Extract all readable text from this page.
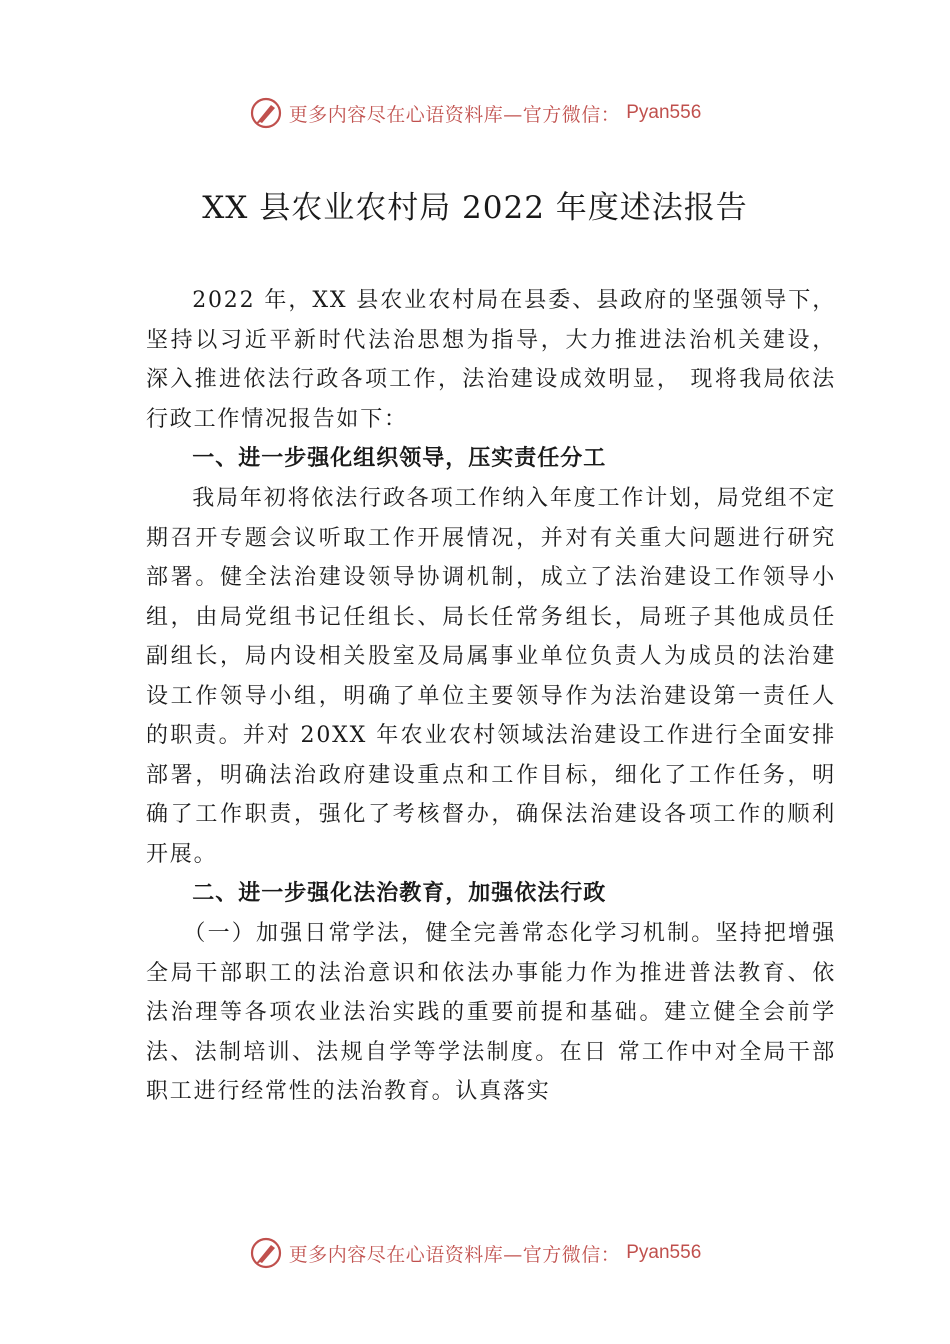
更多内容尽在心语资料库—官方微信： Pyan556
XX 县农业农村局 2022 年度述法报告

2022 年，XX 县农业农村局在县委、县政府的坚强领导下，坚持以习近平新时代法治思想为指导，大力推进法治机关建设，深入推进依法行政各项工作，法治建设成效明显， 现将我局依法行政工作情况报告如下：

一、进一步强化组织领导，压实责任分工

我局年初将依法行政各项工作纳入年度工作计划，局党组不定期召开专题会议听取工作开展情况，并对有关重大问题进行研究部署。健全法治建设领导协调机制，成立了法治建设工作领导小组，由局党组书记任组长、局长任常务组长，局班子其他成员任副组长，局内设相关股室及局属事业单位负责人为成员的法治建设工作领导小组，明确了单位主要领导作为法治建设第一责任人的职责。并对 20XX 年农业农村领域法治建设工作进行全面安排部署，明确法治政府建设重点和工作目标，细化了工作任务，明确了工作职责，强化了考核督办，确保法治建设各项工作的顺利开展。

二、进一步强化法治教育，加强依法行政

（一）加强日常学法，健全完善常态化学习机制。坚持把增强全局干部职工的法治意识和依法办事能力作为推进普法教育、依法治理等各项农业法治实践的重要前提和基础。建立健全会前学法、法制培训、法规自学等学法制度。在日 常工作中对全局干部职工进行经常性的法治教育。认真落实

更多内容尽在心语资料库—官方微信： Pyan556
